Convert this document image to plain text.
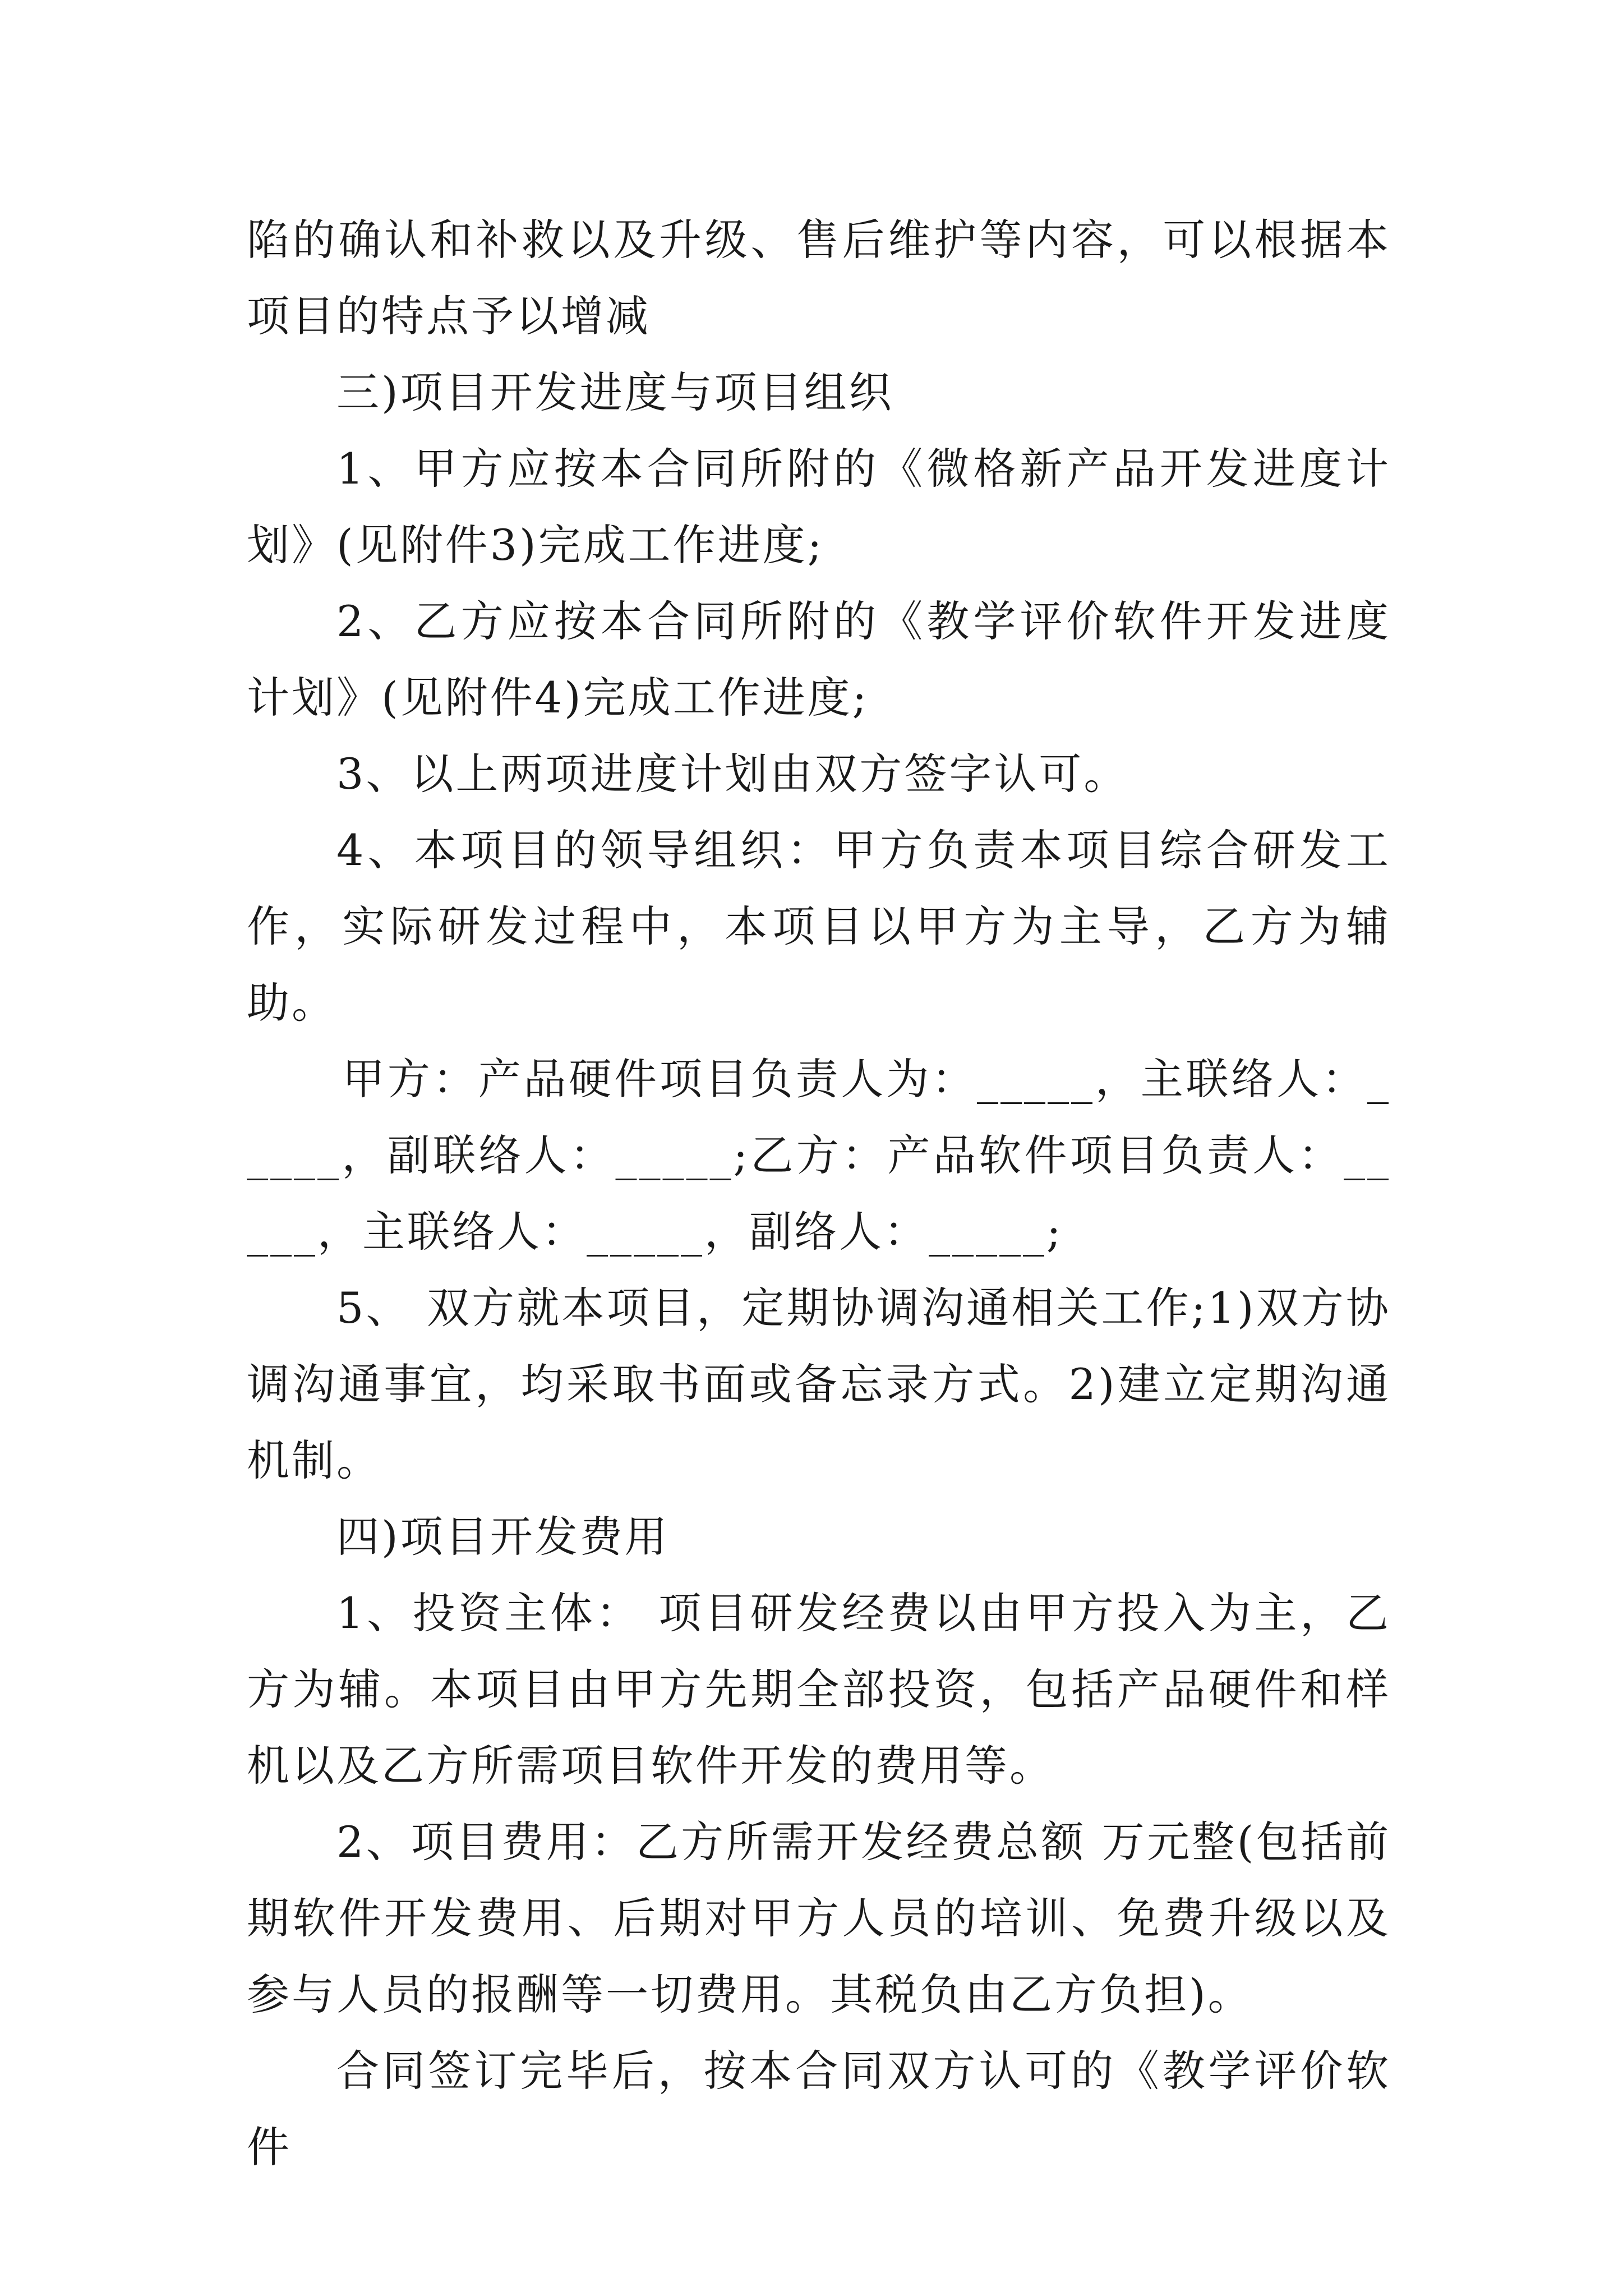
陷的确认和补救以及升级、售后维护等内容，可以根据本项目的特点予以增减

三)项目开发进度与项目组织

1、甲方应按本合同所附的《微格新产品开发进度计划》(见附件3)完成工作进度;

2、乙方应按本合同所附的《教学评价软件开发进度计划》(见附件4)完成工作进度;

3、以上两项进度计划由双方签字认可。

4、本项目的领导组织：甲方负责本项目综合研发工作，实际研发过程中，本项目以甲方为主导，乙方为辅助。

甲方：产品硬件项目负责人为：_____，主联络人：_____，副联络人：_____;乙方：产品软件项目负责人：_____，主联络人：_____，副络人：_____;

5、 双方就本项目，定期协调沟通相关工作;1)双方协调沟通事宜，均采取书面或备忘录方式。2)建立定期沟通机制。

四)项目开发费用

1、投资主体： 项目研发经费以由甲方投入为主，乙方为辅。本项目由甲方先期全部投资，包括产品硬件和样机以及乙方所需项目软件开发的费用等。

2、项目费用：乙方所需开发经费总额 万元整(包括前期软件开发费用、后期对甲方人员的培训、免费升级以及参与人员的报酬等一切费用。其税负由乙方负担)。

合同签订完毕后，按本合同双方认可的《教学评价软件
